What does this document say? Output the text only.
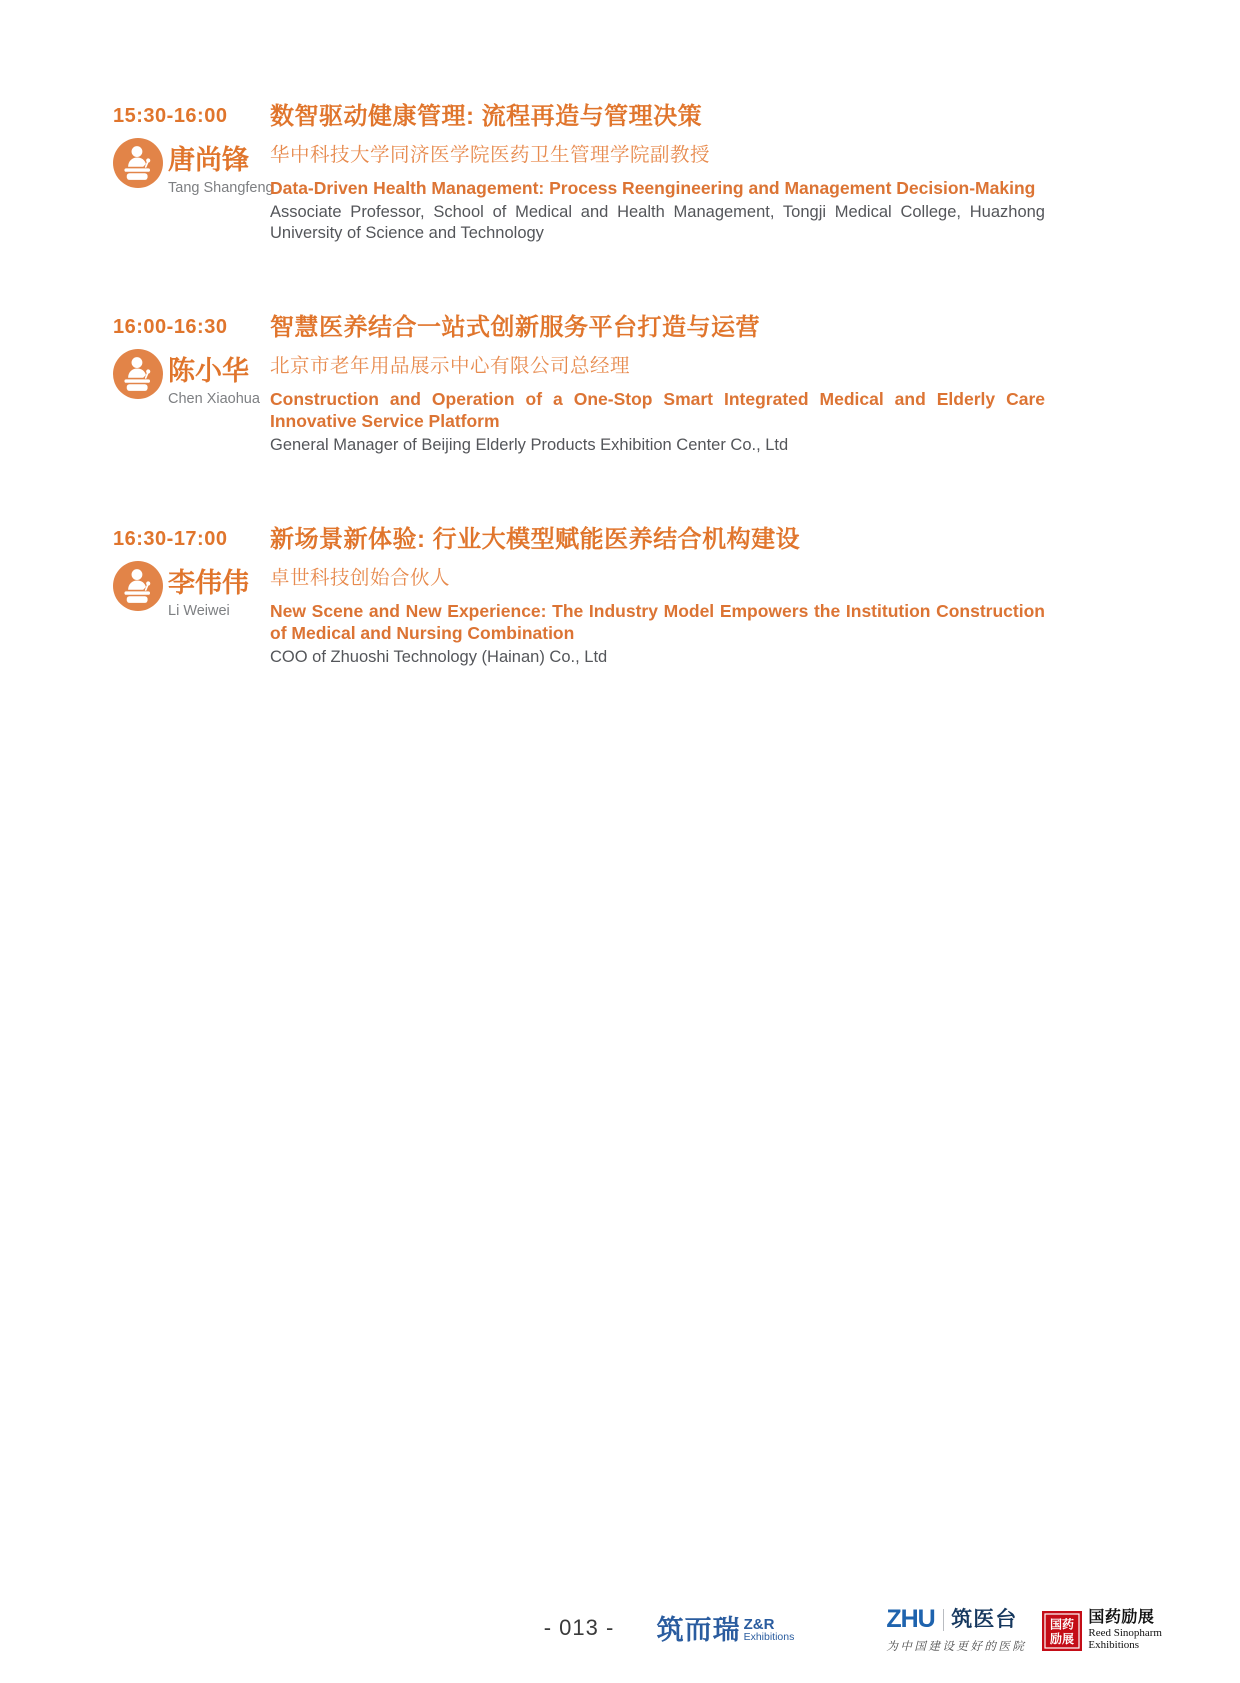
15:30-16:00
唐尚锋
Tang Shangfeng
数智驱动健康管理: 流程再造与管理决策
华中科技大学同济医学院医药卫生管理学院副教授
Data-Driven Health Management: Process Reengineering and Management Decision-Making

Associate Professor, School of Medical and Health Management, Tongji Medical College, Huazhong University of Science and Technology

16:00-16:30
陈小华
Chen Xiaohua
智慧医养结合一站式创新服务平台打造与运营
北京市老年用品展示中心有限公司总经理
Construction and Operation of a One-Stop Smart Integrated Medical and Elderly Care Innovative Service Platform

General Manager of Beijing Elderly Products Exhibition Center Co., Ltd

16:30-17:00
李伟伟
Li Weiwei
新场景新体验: 行业大模型赋能医养结合机构建设
卓世科技创始合伙人
New Scene and New Experience: The Industry Model Empowers the Institution Construction of Medical and Nursing Combination

COO of Zhuoshi Technology (Hainan) Co., Ltd

- 013 -	筑而瑞 Z&R
Exhibitions
ZHU 筑医台
为中国建设更好的医院
国药
励展
国药励展
Reed Sinopharm
Exhibitions
